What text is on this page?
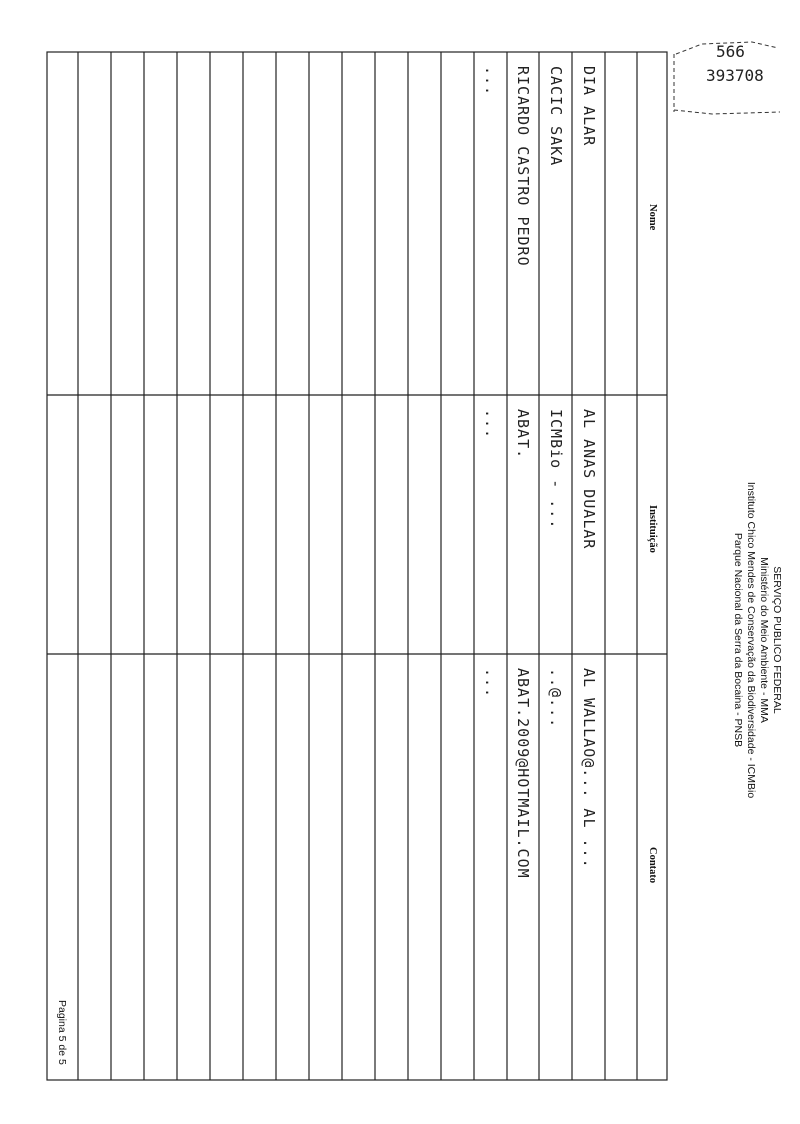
566
393708
SERVIÇO PUBLICO FEDERAL
Ministério do Meio Ambiente - MMA
Instituto Chico Mendes de Conservação da Biodiversidade - ICMBio
Parque Nacional da Serra da Bocaina - PNSB
Nome
Instituição
Contato
DIA ALAR
AL ANAS DUALAR
AL WALLAO@... AL ...
CACIC SAKA
ICMBio - ...
..@...
RICARDO CASTRO PEDRO
ABAT.
ABAT.2009@HOTMAIL.COM
...
...
...
Pagina 5 de 5
